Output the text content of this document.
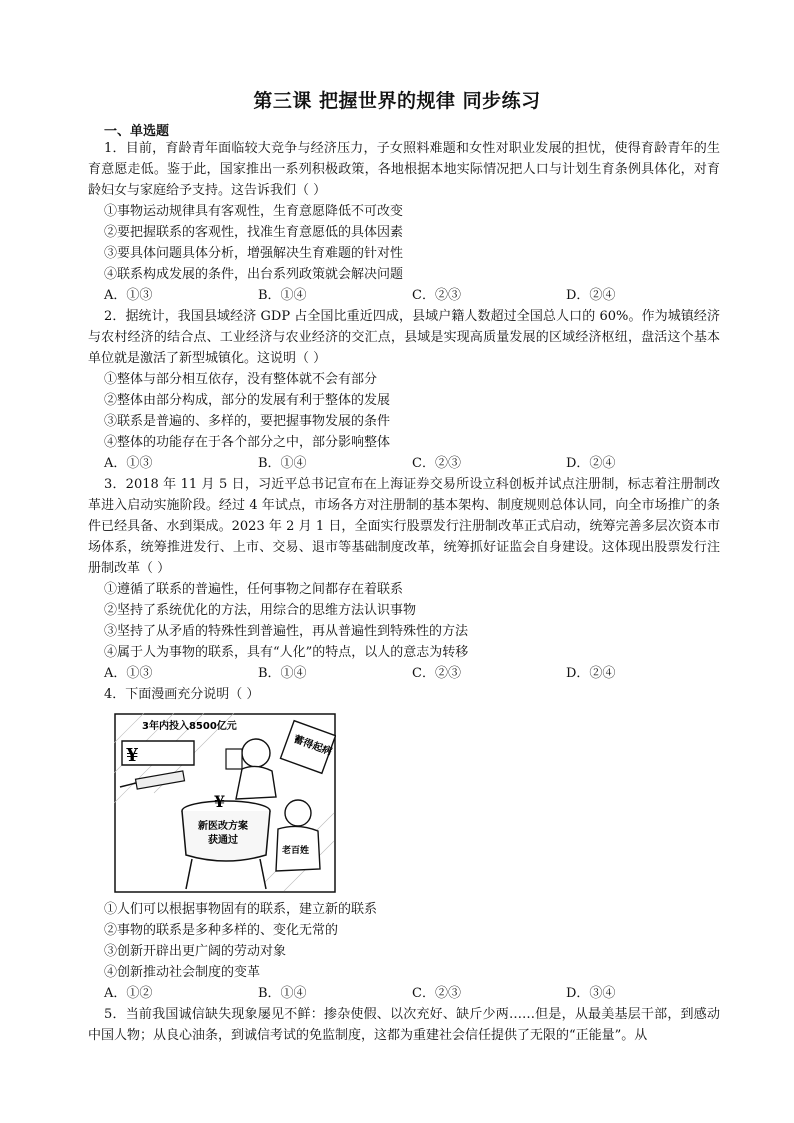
第三课 把握世界的规律 同步练习
一、单选题

1．目前，育龄青年面临较大竞争与经济压力，子女照料难题和女性对职业发展的担忧，使得育龄青年的生育意愿走低。鉴于此，国家推出一系列积极政策，各地根据本地实际情况把人口与计划生育条例具体化，对育龄妇女与家庭给予支持。这告诉我们（ ）

①事物运动规律具有客观性，生育意愿降低不可改变

②要把握联系的客观性，找准生育意愿低的具体因素

③要具体问题具体分析，增强解决生育难题的针对性

④联系构成发展的条件，出台系列政策就会解决问题

A．①③	B．①④	C．②③	D．②④

2．据统计，我国县域经济 GDP 占全国比重近四成，县域户籍人数超过全国总人口的 60%。作为城镇经济与农村经济的结合点、工业经济与农业经济的交汇点，县域是实现高质量发展的区域经济枢纽，盘活这个基本单位就是激活了新型城镇化。这说明（ ）

①整体与部分相互依存，没有整体就不会有部分

②整体由部分构成，部分的发展有利于整体的发展

③联系是普遍的、多样的，要把握事物发展的条件

④整体的功能存在于各个部分之中，部分影响整体

A．①③	B．①④	C．②③	D．②④

3．2018 年 11 月 5 日，习近平总书记宣布在上海证券交易所设立科创板并试点注册制，标志着注册制改革进入启动实施阶段。经过 4 年试点，市场各方对注册制的基本架构、制度规则总体认同，向全市场推广的条件已经具备、水到渠成。2023 年 2 月 1 日，全面实行股票发行注册制改革正式启动，统筹完善多层次资本市场体系，统筹推进发行、上市、交易、退市等基础制度改革，统筹抓好证监会自身建设。这体现出股票发行注册制改革（ ）

①遵循了联系的普遍性，任何事物之间都存在着联系

②坚持了系统优化的方法，用综合的思维方法认识事物

③坚持了从矛盾的特殊性到普遍性，再从普遍性到特殊性的方法

④属于人为事物的联系，具有“人化”的特点，以人的意志为转移

A．①③	B．①④	C．②③	D．②④

4．下面漫画充分说明（ ）

3年内投入8500亿元
¥	蓄得起病
新医改方案
获通过
¥
老百姓

①人们可以根据事物固有的联系，建立新的联系

②事物的联系是多种多样的、变化无常的

③创新开辟出更广阔的劳动对象

④创新推动社会制度的变革

A．①②	B．①④	C．②③	D．③④

5．当前我国诚信缺失现象屡见不鲜：掺杂使假、以次充好、缺斤少两……但是，从最美基层干部，到感动中国人物；从良心油条，到诚信考试的免监制度，这都为重建社会信任提供了无限的“正能量”。从
